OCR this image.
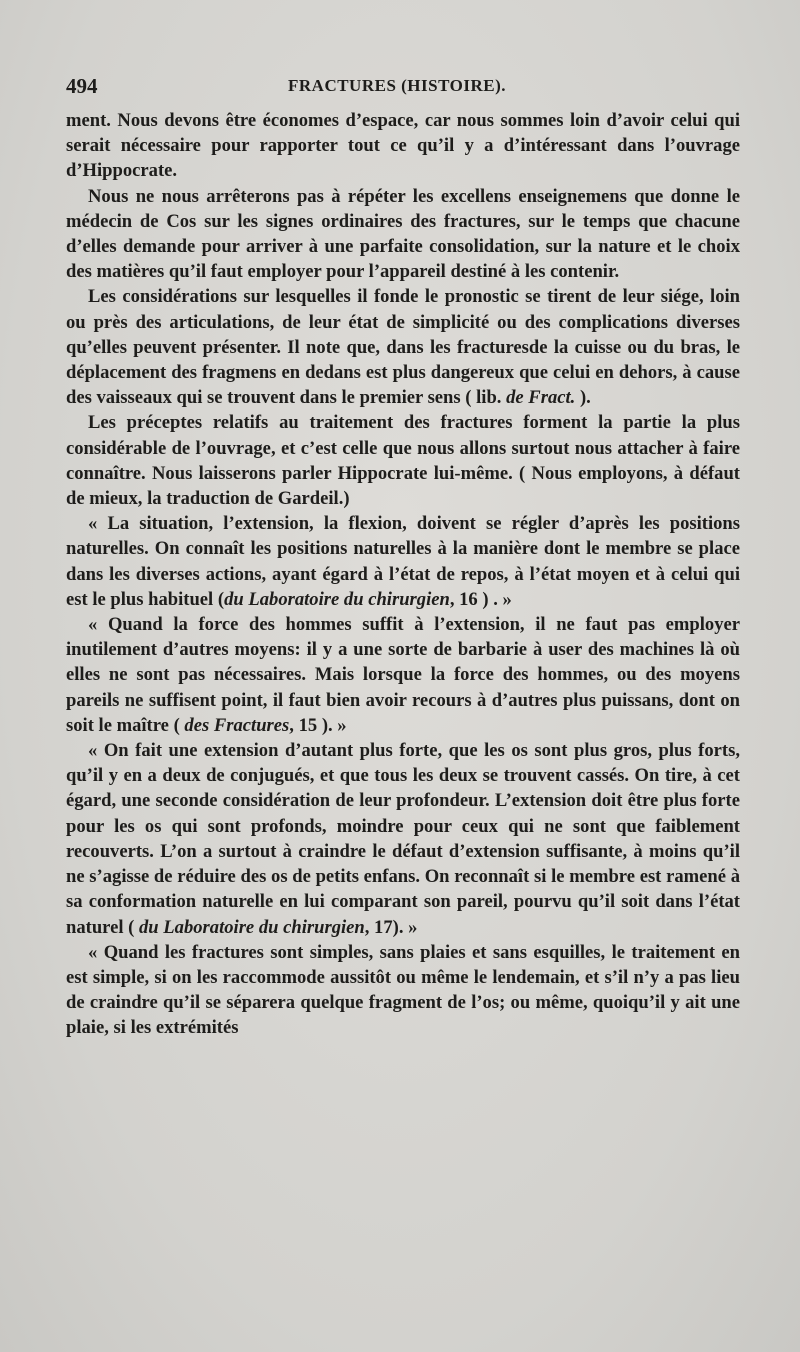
494	FRACTURES (HISTOIRE).

ment. Nous devons être économes d’espace, car nous sommes loin d’avoir celui qui serait nécessaire pour rapporter tout ce qu’il y a d’intéressant dans l’ouvrage d’Hippocrate.

Nous ne nous arrêterons pas à répéter les excellens enseignemens que donne le médecin de Cos sur les signes ordinaires des fractures, sur le temps que chacune d’elles demande pour arriver à une parfaite consolidation, sur la nature et le choix des matières qu’il faut employer pour l’appareil destiné à les contenir.

Les considérations sur lesquelles il fonde le pronostic se tirent de leur siége, loin ou près des articulations, de leur état de simplicité ou des complications diverses qu’elles peuvent présenter. Il note que, dans les fracturesde la cuisse ou du bras, le déplacement des fragmens en dedans est plus dangereux que celui en dehors, à cause des vaisseaux qui se trouvent dans le premier sens ( lib. de Fract. ).

Les préceptes relatifs au traitement des fractures forment la partie la plus considérable de l’ouvrage, et c’est celle que nous allons surtout nous attacher à faire connaître. Nous laisserons parler Hippocrate lui-même. ( Nous employons, à défaut de mieux, la traduction de Gardeil.)

« La situation, l’extension, la flexion, doivent se régler d’après les positions naturelles. On connaît les positions naturelles à la manière dont le membre se place dans les diverses actions, ayant égard à l’état de repos, à l’état moyen et à celui qui est le plus habituel (du Laboratoire du chirurgien, 16 ) . »

« Quand la force des hommes suffit à l’extension, il ne faut pas employer inutilement d’autres moyens: il y a une sorte de barbarie à user des machines là où elles ne sont pas nécessaires. Mais lorsque la force des hommes, ou des moyens pareils ne suffisent point, il faut bien avoir recours à d’autres plus puissans, dont on soit le maître ( des Fractures, 15 ). »

« On fait une extension d’autant plus forte, que les os sont plus gros, plus forts, qu’il y en a deux de conjugués, et que tous les deux se trouvent cassés. On tire, à cet égard, une seconde considération de leur profondeur. L’extension doit être plus forte pour les os qui sont profonds, moindre pour ceux qui ne sont que faiblement recouverts. L’on a surtout à craindre le défaut d’extension suffisante, à moins qu’il ne s’agisse de réduire des os de petits enfans. On reconnaît si le membre est ramené à sa conformation naturelle en lui comparant son pareil, pourvu qu’il soit dans l’état naturel ( du Laboratoire du chirurgien, 17). »

« Quand les fractures sont simples, sans plaies et sans esquilles, le traitement en est simple, si on les raccommode aussitôt ou même le lendemain, et s’il n’y a pas lieu de craindre qu’il se séparera quelque fragment de l’os; ou même, quoiqu’il y ait une plaie, si les extrémités
